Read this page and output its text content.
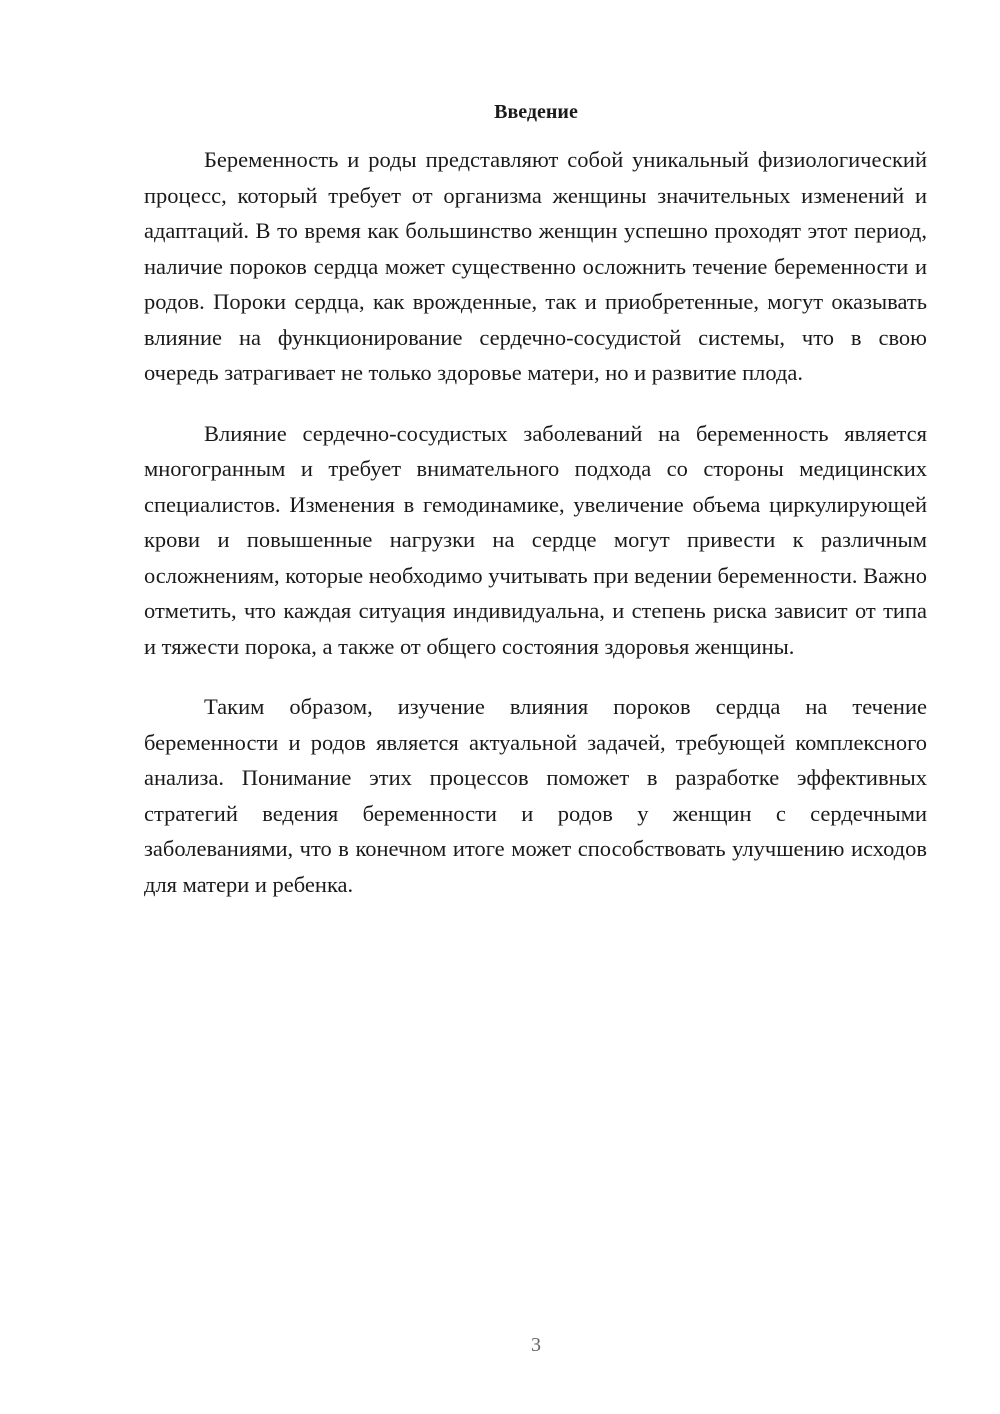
Введение

Беременность и роды представляют собой уникальный физиологический процесс, который требует от организма женщины значительных изменений и адаптаций. В то время как большинство женщин успешно проходят этот период, наличие пороков сердца может существенно осложнить течение беременности и родов. Пороки сердца, как врожденные, так и приобретенные, могут оказывать влияние на функционирование сердечно-сосудистой системы, что в свою очередь затрагивает не только здоровье матери, но и развитие плода.

Влияние сердечно-сосудистых заболеваний на беременность является многогранным и требует внимательного подхода со стороны медицинских специалистов. Изменения в гемодинамике, увеличение объема циркулирующей крови и повышенные нагрузки на сердце могут привести к различным осложнениям, которые необходимо учитывать при ведении беременности. Важно отметить, что каждая ситуация индивидуальна, и степень риска зависит от типа и тяжести порока, а также от общего состояния здоровья женщины.

Таким образом, изучение влияния пороков сердца на течение беременности и родов является актуальной задачей, требующей комплексного анализа. Понимание этих процессов поможет в разработке эффективных стратегий ведения беременности и родов у женщин с сердечными заболеваниями, что в конечном итоге может способствовать улучшению исходов для матери и ребенка.

3
